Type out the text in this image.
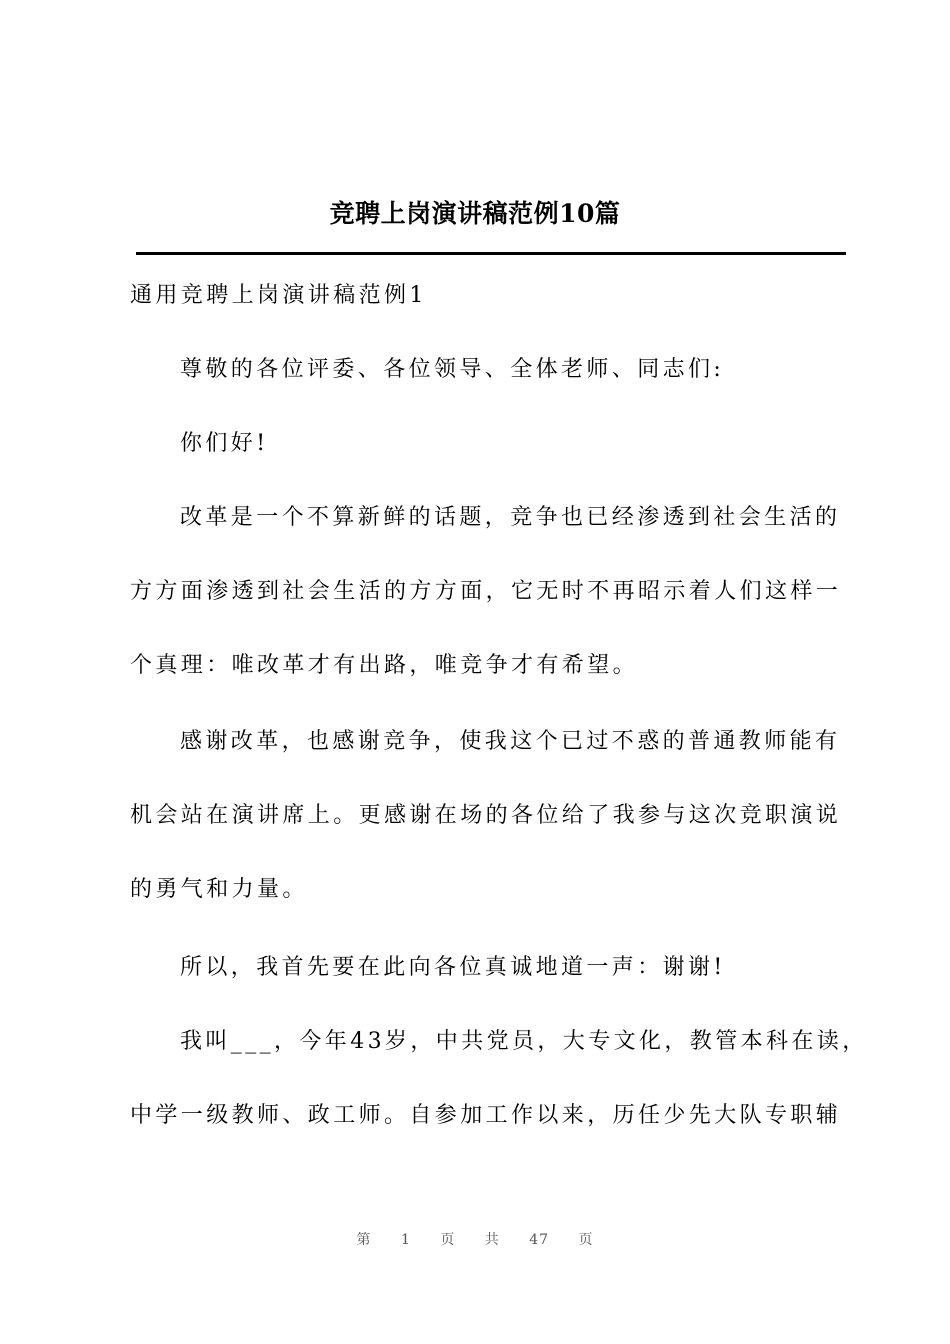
竞聘上岗演讲稿范例10篇
通用竞聘上岗演讲稿范例1
尊敬的各位评委、各位领导、全体老师、同志们:
你们好!
改革是一个不算新鲜的话题，竞争也已经渗透到社会生活的
方方面渗透到社会生活的方方面，它无时不再昭示着人们这样一
个真理：唯改革才有出路，唯竞争才有希望。
感谢改革，也感谢竞争，使我这个已过不惑的普通教师能有
机会站在演讲席上。更感谢在场的各位给了我参与这次竞职演说
的勇气和力量。
所以，我首先要在此向各位真诚地道一声：谢谢!
我叫___，今年43岁，中共党员，大专文化，教管本科在读，
中学一级教师、政工师。自参加工作以来，历任少先大队专职辅
第 1 页 共 47 页
